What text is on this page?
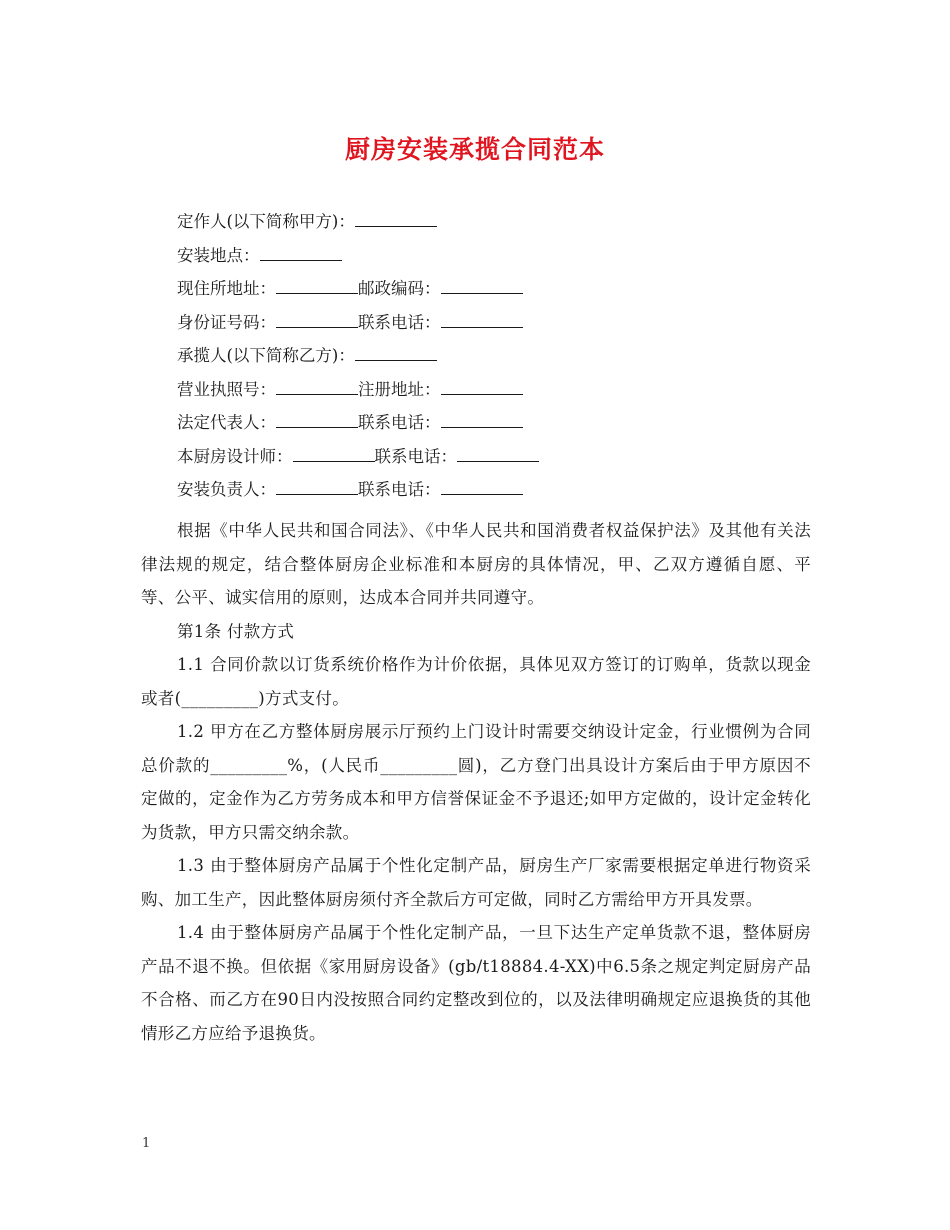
厨房安装承揽合同范本
定作人(以下简称甲方)：
安装地点：
现住所地址：	邮政编码：
身份证号码：	联系电话：
承揽人(以下简称乙方)：
营业执照号：	注册地址：
法定代表人：	联系电话：
本厨房设计师：	联系电话：
安装负责人：	联系电话：

根据《中华人民共和国合同法》、《中华人民共和国消费者权益保护法》及其他有关法律法规的规定，结合整体厨房企业标准和本厨房的具体情况，甲、乙双方遵循自愿、平等、公平、诚实信用的原则，达成本合同并共同遵守。

第1条 付款方式

1.1 合同价款以订货系统价格作为计价依据，具体见双方签订的订购单，货款以现金或者(_________)方式支付。

1.2 甲方在乙方整体厨房展示厅预约上门设计时需要交纳设计定金，行业惯例为合同总价款的_________%，(人民币_________圆)，乙方登门出具设计方案后由于甲方原因不定做的，定金作为乙方劳务成本和甲方信誉保证金不予退还;如甲方定做的，设计定金转化为货款，甲方只需交纳余款。

1.3 由于整体厨房产品属于个性化定制产品，厨房生产厂家需要根据定单进行物资采购、加工生产，因此整体厨房须付齐全款后方可定做，同时乙方需给甲方开具发票。

1.4 由于整体厨房产品属于个性化定制产品，一旦下达生产定单货款不退，整体厨房产品不退不换。但依据《家用厨房设备》(gb/t18884.4-XX)中6.5条之规定判定厨房产品不合格、而乙方在90日内没按照合同约定整改到位的，以及法律明确规定应退换货的其他情形乙方应给予退换货。

1
